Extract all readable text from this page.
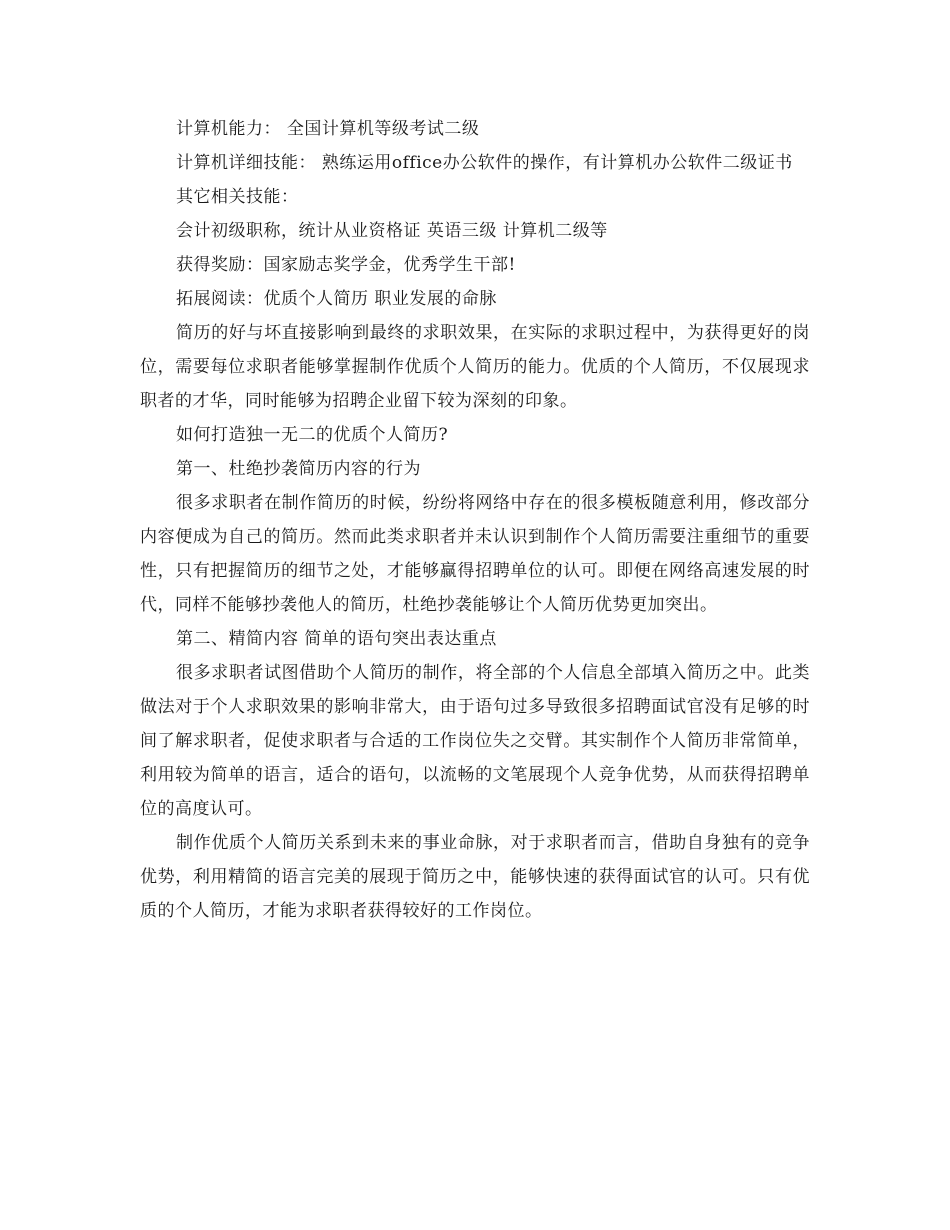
计算机能力： 全国计算机等级考试二级

计算机详细技能： 熟练运用office办公软件的操作，有计算机办公软件二级证书

其它相关技能：

会计初级职称，统计从业资格证 英语三级 计算机二级等

获得奖励：国家励志奖学金，优秀学生干部!

拓展阅读：优质个人简历 职业发展的命脉

简历的好与坏直接影响到最终的求职效果，在实际的求职过程中，为获得更好的岗位，需要每位求职者能够掌握制作优质个人简历的能力。优质的个人简历，不仅展现求职者的才华，同时能够为招聘企业留下较为深刻的印象。

如何打造独一无二的优质个人简历?

第一、杜绝抄袭简历内容的行为

很多求职者在制作简历的时候，纷纷将网络中存在的很多模板随意利用，修改部分内容便成为自己的简历。然而此类求职者并未认识到制作个人简历需要注重细节的重要性，只有把握简历的细节之处，才能够赢得招聘单位的认可。即便在网络高速发展的时代，同样不能够抄袭他人的简历，杜绝抄袭能够让个人简历优势更加突出。

第二、精简内容 简单的语句突出表达重点

很多求职者试图借助个人简历的制作，将全部的个人信息全部填入简历之中。此类做法对于个人求职效果的影响非常大，由于语句过多导致很多招聘面试官没有足够的时间了解求职者，促使求职者与合适的工作岗位失之交臂。其实制作个人简历非常简单，利用较为简单的语言，适合的语句，以流畅的文笔展现个人竞争优势，从而获得招聘单位的高度认可。

制作优质个人简历关系到未来的事业命脉，对于求职者而言，借助自身独有的竞争优势，利用精简的语言完美的展现于简历之中，能够快速的获得面试官的认可。只有优质的个人简历，才能为求职者获得较好的工作岗位。
